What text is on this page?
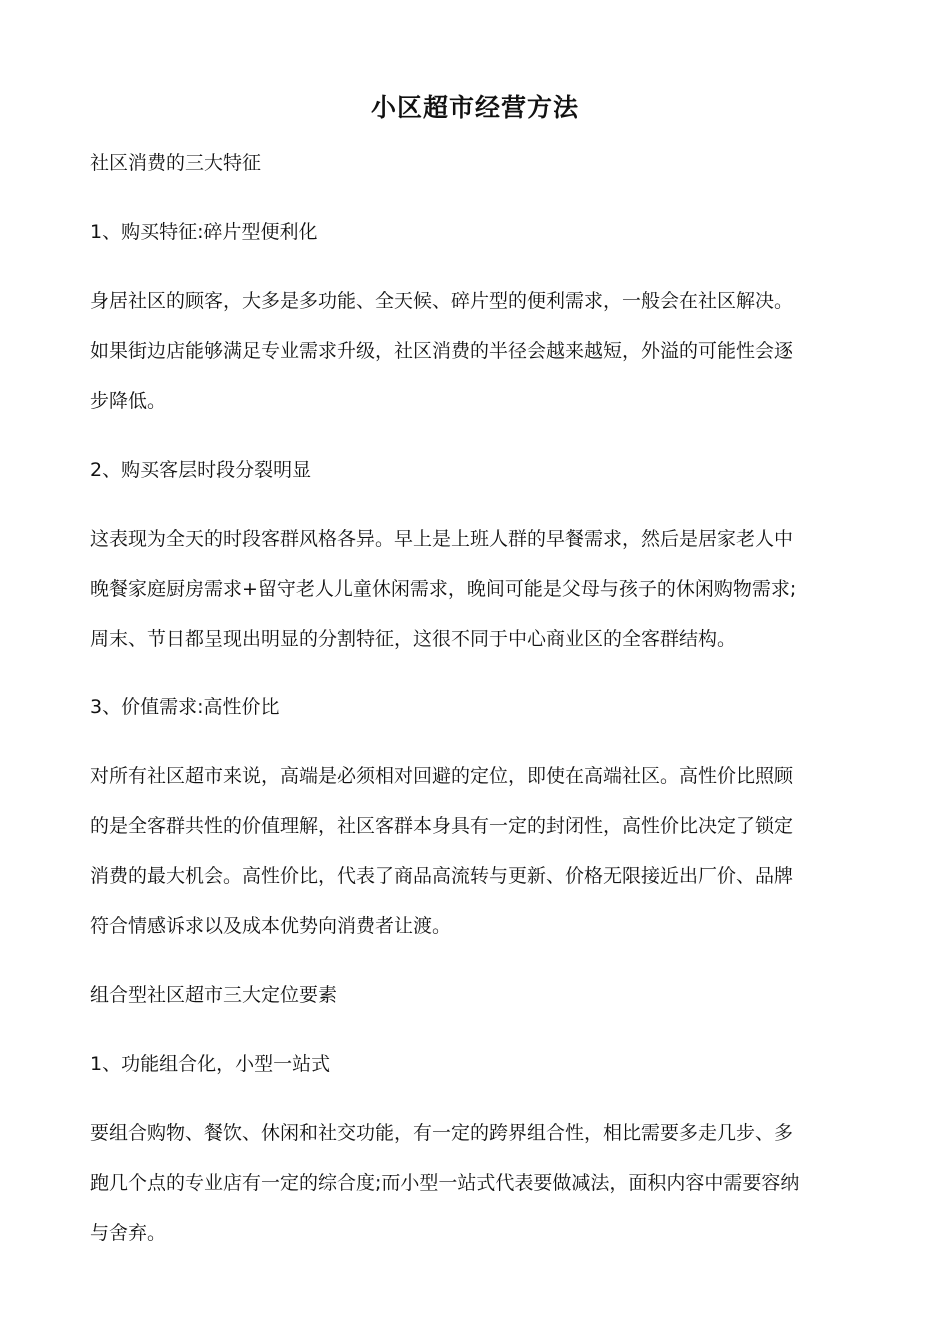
小区超市经营方法

社区消费的三大特征

1、购买特征:碎片型便利化

身居社区的顾客，大多是多功能、全天候、碎片型的便利需求，一般会在社区解决。
如果街边店能够满足专业需求升级，社区消费的半径会越来越短，外溢的可能性会逐
步降低。

2、购买客层时段分裂明显

这表现为全天的时段客群风格各异。早上是上班人群的早餐需求，然后是居家老人中
晚餐家庭厨房需求+留守老人儿童休闲需求，晚间可能是父母与孩子的休闲购物需求;
周末、节日都呈现出明显的分割特征，这很不同于中心商业区的全客群结构。

3、价值需求:高性价比

对所有社区超市来说，高端是必须相对回避的定位，即使在高端社区。高性价比照顾
的是全客群共性的价值理解，社区客群本身具有一定的封闭性，高性价比决定了锁定
消费的最大机会。高性价比，代表了商品高流转与更新、价格无限接近出厂价、品牌
符合情感诉求以及成本优势向消费者让渡。

组合型社区超市三大定位要素

1、功能组合化，小型一站式

要组合购物、餐饮、休闲和社交功能，有一定的跨界组合性，相比需要多走几步、多
跑几个点的专业店有一定的综合度;而小型一站式代表要做减法，面积内容中需要容纳
与舍弃。
